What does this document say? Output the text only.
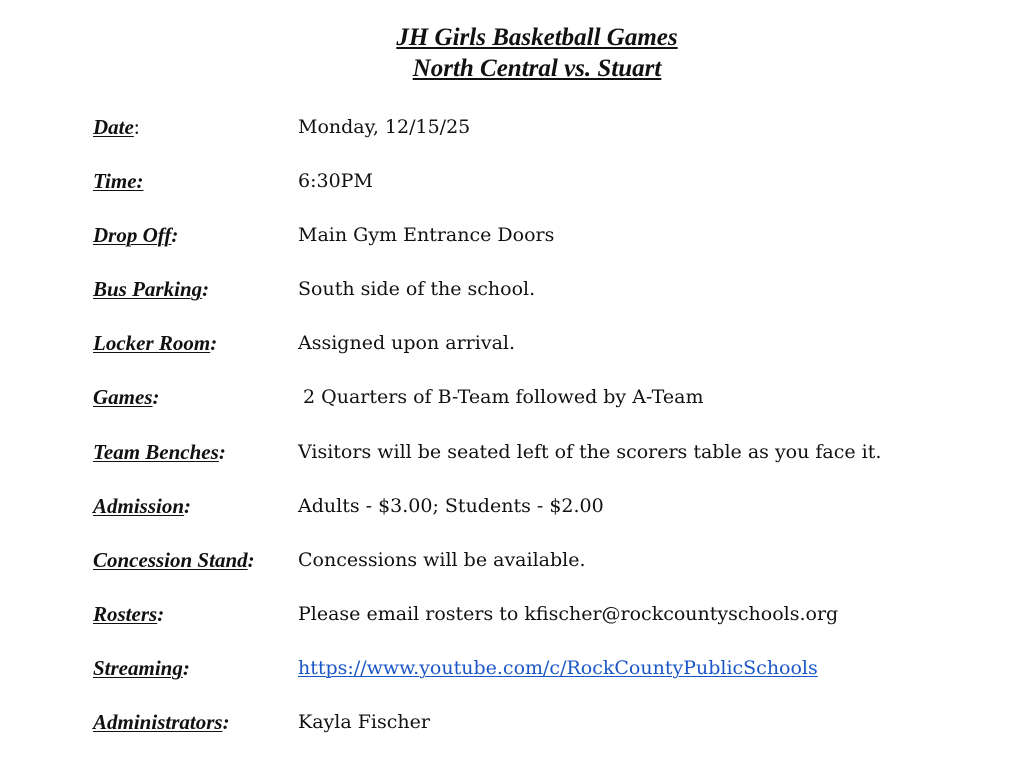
JH Girls Basketball Games
North Central vs. Stuart
Date:	Monday, 12/15/25
Time:	6:30PM
Drop Off:	Main Gym Entrance Doors
Bus Parking:	South side of the school.
Locker Room:	Assigned upon arrival.
Games:	2 Quarters of B-Team followed by A-Team
Team Benches:	Visitors will be seated left of the scorers table as you face it.
Admission:	Adults - $3.00; Students - $2.00
Concession Stand: Concessions will be available.
Rosters:	Please email rosters to kfischer@rockcountyschools.org
Streaming:	https://www.youtube.com/c/RockCountyPublicSchools
Administrators:	Kayla Fischer
